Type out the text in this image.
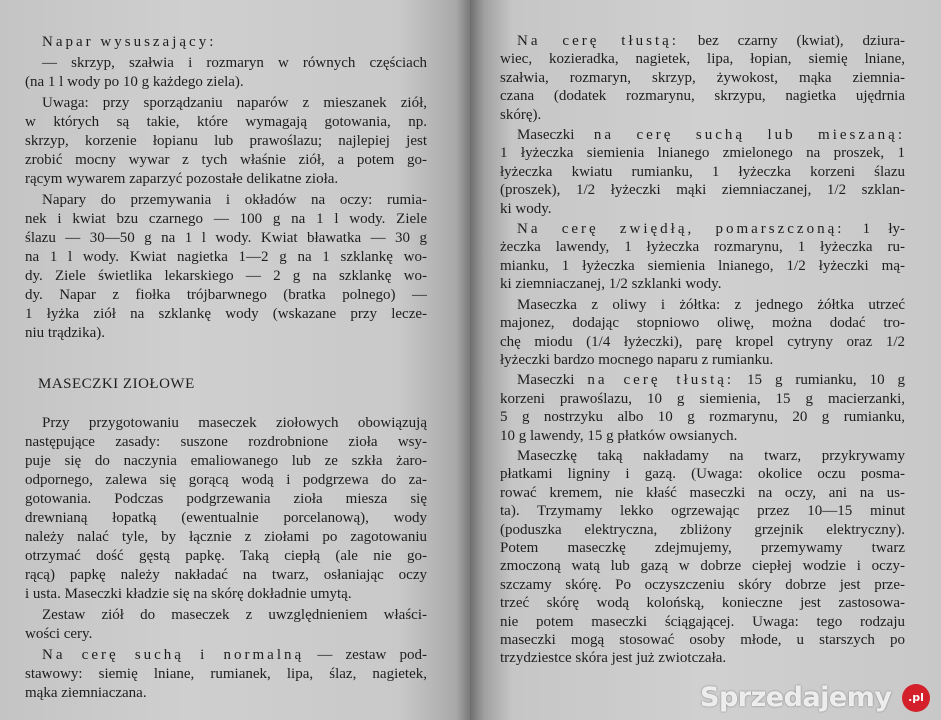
Napar wysuszający:
— skrzyp, szałwia i rozmaryn w równych częściach
(na 1 l wody po 10 g każdego ziela).
Uwaga: przy sporządzaniu naparów z mieszanek ziół,
w których są takie, które wymagają gotowania, np.
skrzyp, korzenie łopianu lub prawoślazu; najlepiej jest
zrobić mocny wywar z tych właśnie ziół, a potem go-
rącym wywarem zaparzyć pozostałe delikatne zioła.
Napary do przemywania i okładów na oczy: rumia-
nek i kwiat bzu czarnego — 100 g na 1 l wody. Ziele
ślazu — 30—50 g na 1 l wody. Kwiat bławatka — 30 g
na 1 l wody. Kwiat nagietka 1—2 g na 1 szklankę wo-
dy. Ziele świetlika lekarskiego — 2 g na szklankę wo-
dy. Napar z fiołka trójbarwnego (bratka polnego) —
1 łyżka ziół na szklankę wody (wskazane przy lecze-
niu trądzika).
MASECZKI ZIOŁOWE
Przy przygotowaniu maseczek ziołowych obowiązują
następujące zasady: suszone rozdrobnione zioła wsy-
puje się do naczynia emaliowanego lub ze szkła żaro-
odpornego, zalewa się gorącą wodą i podgrzewa do za-
gotowania. Podczas podgrzewania zioła miesza się
drewnianą łopatką (ewentualnie porcelanową), wody
należy nalać tyle, by łącznie z ziołami po zagotowaniu
otrzymać dość gęstą papkę. Taką ciepłą (ale nie go-
rącą) papkę należy nakładać na twarz, osłaniając oczy
i usta. Maseczki kładzie się na skórę dokładnie umytą.
Zestaw ziół do maseczek z uwzględnieniem właści-
wości cery.
Na cerę suchą i normalną — zestaw pod-
stawowy: siemię lniane, rumianek, lipa, ślaz, nagietek,
mąka ziemniaczana.
Na cerę tłustą: bez czarny (kwiat), dziura-
wiec, kozieradka, nagietek, lipa, łopian, siemię lniane,
szałwia, rozmaryn, skrzyp, żywokost, mąka ziemnia-
czana (dodatek rozmarynu, skrzypu, nagietka ujędrnia
skórę).
Maseczki na cerę suchą lub mieszaną:
1 łyżeczka siemienia lnianego zmielonego na proszek, 1
łyżeczka kwiatu rumianku, 1 łyżeczka korzeni ślazu
(proszek), 1/2 łyżeczki mąki ziemniaczanej, 1/2 szklan-
ki wody.
Na cerę zwiędłą, pomarszczoną: 1 ły-
żeczka lawendy, 1 łyżeczka rozmarynu, 1 łyżeczka ru-
mianku, 1 łyżeczka siemienia lnianego, 1/2 łyżeczki mą-
ki ziemniaczanej, 1/2 szklanki wody.
Maseczka z oliwy i żółtka: z jednego żółtka utrzeć
majonez, dodając stopniowo oliwę, można dodać tro-
chę miodu (1/4 łyżeczki), parę kropel cytryny oraz 1/2
łyżeczki bardzo mocnego naparu z rumianku.
Maseczki na cerę tłustą: 15 g rumianku, 10 g
korzeni prawoślazu, 10 g siemienia, 15 g macierzanki,
5 g nostrzyku albo 10 g rozmarynu, 20 g rumianku,
10 g lawendy, 15 g płatków owsianych.
Maseczkę taką nakładamy na twarz, przykrywamy
płatkami ligniny i gazą. (Uwaga: okolice oczu posma-
rować kremem, nie kłaść maseczki na oczy, ani na us-
ta). Trzymamy lekko ogrzewając przez 10—15 minut
(poduszka elektryczna, zbliżony grzejnik elektryczny).
Potem maseczkę zdejmujemy, przemywamy twarz
zmoczoną watą lub gazą w dobrze ciepłej wodzie i oczy-
szczamy skórę. Po oczyszczeniu skóry dobrze jest prze-
trzeć skórę wodą kolońską, konieczne jest zastosowa-
nie potem maseczki ściągającej. Uwaga: tego rodzaju
maseczki mogą stosować osoby młode, u starszych po
trzydziestce skóra jest już zwiotczała.
Sprzedajemy	.pl
